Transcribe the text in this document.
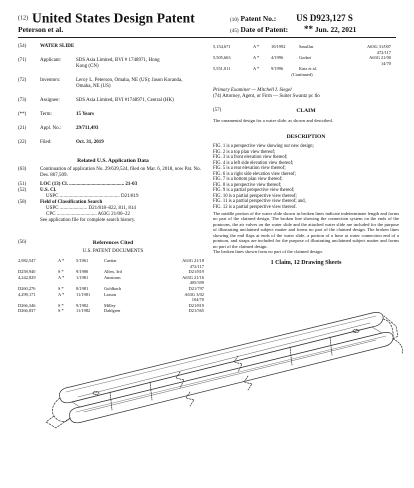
(12) United States Design Patent
Peterson et al.
(10) Patent No.: US D923,127 S
(45) Date of Patent: ** Jun. 22, 2021
(54)	WATER SLIDE
(71)	Applicant:	SDS Asia Limited, BVI # 1748971, Hong Kong (CN)
(72)	Inventors:	Leroy L. Peterson, Omaha, NE (US); Jason Koranda, Omaha, NE (US)
(73)	Assignee:	SDS Asia Limited, BVI #1748971, Central (HK)
(**)	Term:	15 Years
(21)	Appl. No.:	29/711,493
(22)	Filed:	Oct. 31, 2019
Related U.S. Application Data
(63)	Continuation of application No. 29/639,524, filed on Mar. 6, 2018, now Pat. No. Des. 867,509.
(51)	LOC (13) Cl. ............................................ 21-03
(52)	U.S. Cl.
USPC ................................................ D21/819
(58)	Field of Classification Search
USPC ...................... D21/818–822, 811, 814
CPC ................................ A63G 21/00–22
See application file for complete search history.
(56)	References Cited
U.S. PATENT DOCUMENTS
2,982,547	A *	5/1961	Caetiar	A63G 21/18
472/117
D258,940	S *	9/1980	Allen, 3rd	D21/819
4,242,829	A *	1/1981	Amstrom	A63G 21/16
405/399
D260,276	S *	8/1981	Goldbach	D21/797
4,299,171	A *	11/1981	Larson	A63G 3/02
104/70
D266,346	S *	9/1982	Milley	D21/819
D266,837	S *	11/1982	Dahlgren	D21/565
5,154,671	A *	10/1992	Sasullas	A63G 31/007
472/117
5,505,663	A *	4/1996	Godart	A63G 21/00
14/70
5,551,011	A *	9/1996	Katz et al.
(Continued)
Primary Examiner — Mitchell I. Siegel
(74) Attorney, Agent, or Firm — Suiter Swantz pc llo
(57)	CLAIM
The ornamental design for a water slide, as shown and described.
DESCRIPTION
FIG. 1 is a perspective view showing our new design;
FIG. 2 is a top plan view thereof;
FIG. 3 is a front elevation view thereof;
FIG. 4 is a left side elevation view thereof;
FIG. 5 is a rear elevation view thereof;
FIG. 6 is a right side elevation view thereof;
FIG. 7 is a bottom plan view thereof;
FIG. 8 is a perspective view thereof;
FIG. 9 is a partial perspective view thereof;
FIG. 10 is a partial perspective view thereof;
FIG. 11 is a partial perspective view thereof; and,
FIG. 12 is a partial perspective view thereof.
The middle portion of the water slide shown in broken lines indicate indeterminate length and forms no part of the claimed design. The broken line showing the connection system on the ends of the pontoons, the air valves on the water slide and the attached water slide are included for the purpose of illustrating unclaimed subject matter and forms no part of the claimed design. The broken lines showing the end flaps at ends of the water slide, a portion of a hose at water connection end of a pontoon, and straps are included for the purpose of illustrating unclaimed subject matter and forms no part of the claimed design.
The broken lines shown form no part of the claimed design.
1 Claim, 12 Drawing Sheets
